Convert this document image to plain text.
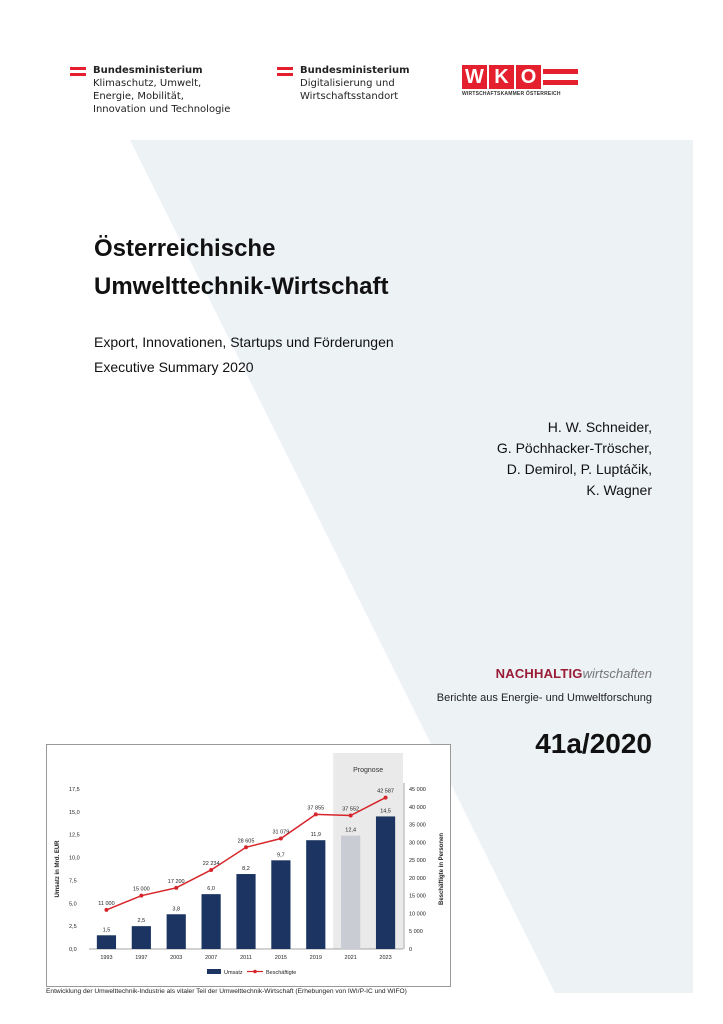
Bundesministerium
Klimaschutz, Umwelt,
Energie, Mobilität,
Innovation und Technologie
Bundesministerium
Digitalisierung und
Wirtschaftsstandort
W K O
WIRTSCHAFTSKAMMER ÖSTERREICH
Österreichische
Umwelttechnik-Wirtschaft
Export, Innovationen, Startups und Förderungen
Executive Summary 2020
H. W. Schneider,
G. Pöchhacker-Tröscher,
D. Demirol, P. Luptáčik,
K. Wagner
NACHHALTIGwirtschaften
Berichte aus Energie- und Umweltforschung
41a/2020
Prognose
0,0
2,5
5,0
7,5
10,0
12,5
15,0
17,5
0
5 000
10 000
15 000
20 000
25 000
30 000
35 000
40 000
45 000
Umsatz in Mrd. EUR	Beschäftigte in Personen
1,5
2,5
3,8
6,0
8,2
9,7
11,9
12,4
14,5
11 000
15 000
17 200
22 234
28 605
31 079
37 855	37 552
42 587
1993	1997	2003	2007	2011	2015	2019	2021	2023
Umsatz	Beschäftigte
Entwicklung der Umwelttechnik-Industrie als vitaler Teil der Umwelttechnik-Wirtschaft (Erhebungen von IWI/P-IC und WIFO)
